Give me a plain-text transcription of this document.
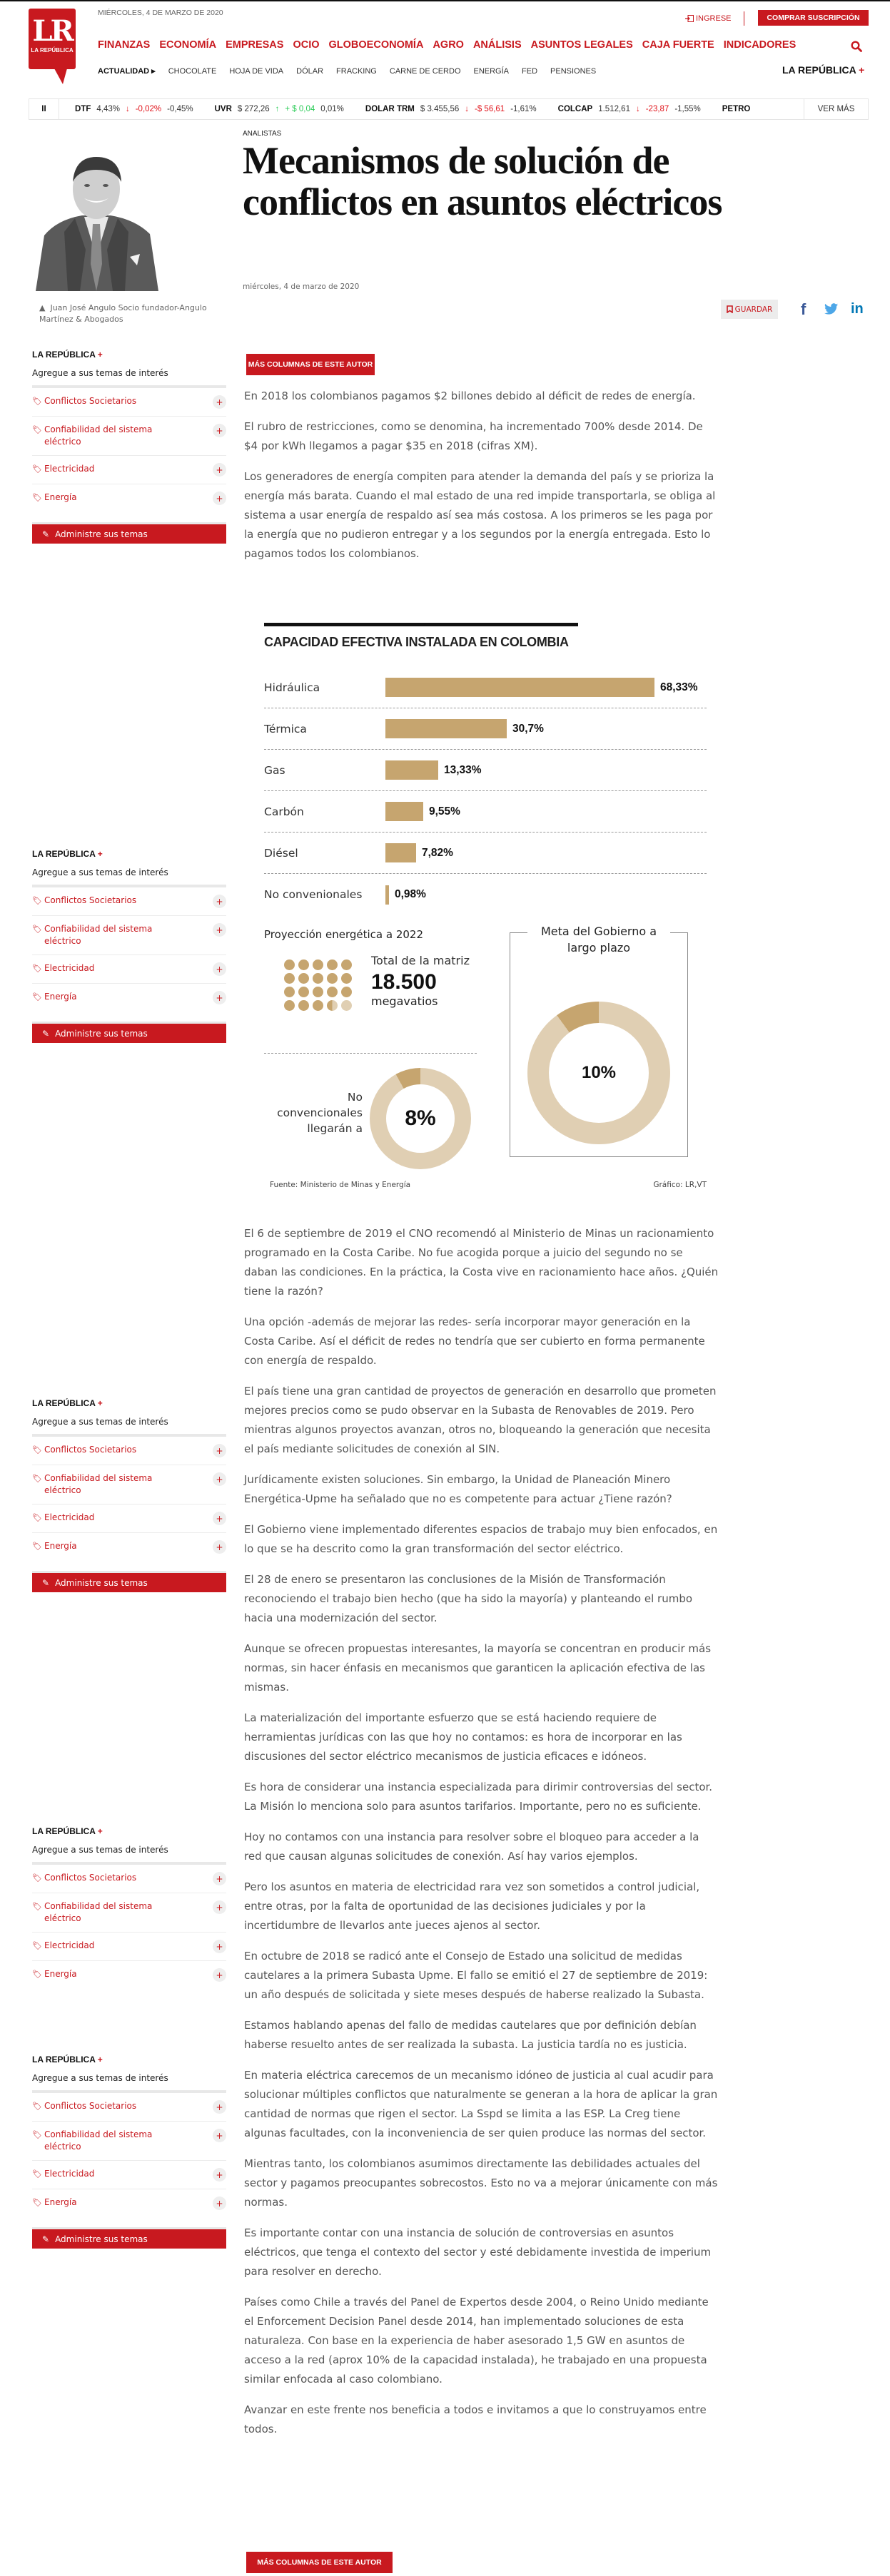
LR
LA REPÚBLICA
MIÉRCOLES, 4 DE MARZO DE 2020
INGRESE	COMPRAR SUSCRIPCIÓN
FINANZAS ECONOMÍA EMPRESAS OCIO GLOBOECONOMÍA AGRO ANÁLISIS ASUNTOS LEGALES CAJA FUERTE INDICADORES
ACTUALIDAD ▸ CHOCOLATE HOJA DE VIDA DÓLAR FRACKING CARNE DE CERDO ENERGÍA FED PENSIONES	LA REPÚBLICA +
II	DTF 4,43% ↓ -0,02% -0,45%	UVR $ 272,26 ↑ + $ 0,04 0,01%	DÓLAR TRM $ 3.455,56 ↓ -$ 56,61 -1,61%	COLCAP 1.512,61 ↓ -23,87 -1,55%	PETRÓ	VER MÁS
▲ Juan José Angulo Socio fundador-Angulo Martínez & Abogados
LA REPÚBLICA +
Agregue a sus temas de interés
🏷 Conflictos Societarios	+
🏷 Confiabilidad del sistema eléctrico
+
🏷 Electricidad	+
🏷 Energía	+
✎ Administre sus temas
LA REPÚBLICA +
Agregue a sus temas de interés
🏷 Conflictos Societarios	+
🏷 Confiabilidad del sistema eléctrico
+
🏷 Electricidad	+
🏷 Energía	+
✎ Administre sus temas
LA REPÚBLICA +
Agregue a sus temas de interés
🏷 Conflictos Societarios	+
🏷 Confiabilidad del sistema eléctrico
+
🏷 Electricidad	+
🏷 Energía	+
✎ Administre sus temas
LA REPÚBLICA +
Agregue a sus temas de interés
🏷 Conflictos Societarios	+
🏷 Confiabilidad del sistema eléctrico
+
🏷 Electricidad	+
🏷 Energía	+
LA REPÚBLICA +
Agregue a sus temas de interés
🏷 Conflictos Societarios	+
🏷 Confiabilidad del sistema eléctrico
+
🏷 Electricidad	+
🏷 Energía	+
✎ Administre sus temas
ANALISTAS
Mecanismos de solución de conflictos en asuntos eléctricos
miércoles, 4 de marzo de 2020
GUARDAR f	in
MÁS COLUMNAS DE ESTE AUTOR

En 2018 los colombianos pagamos $2 billones debido al déficit de redes de energía.

El rubro de restricciones, como se denomina, ha incrementado 700% desde 2014. De $4 por kWh llegamos a pagar $35 en 2018 (cifras XM).

Los generadores de energía compiten para atender la demanda del país y se prioriza la energía más barata. Cuando el mal estado de una red impide transportarla, se obliga al sistema a usar energía de respaldo así sea más costosa. A los primeros se les paga por la energía que no pudieron entregar y a los segundos por la energía entregada. Esto lo pagamos todos los colombianos.

CAPACIDAD EFECTIVA INSTALADA EN COLOMBIA
Hidráulica	68,33%
Térmica	30,7%
Gas	13,33%
Carbón	9,55%
Diésel	7,82%
No convenionales	0,98%
Proyección energética a 2022
Total de la matriz
18.500
megavatios
No convencionales llegarán a	8%
Meta del Gobierno a largo plazo
10%
Fuente: Ministerio de Minas y Energía	Gráfico: LR,VT

El 6 de septiembre de 2019 el CNO recomendó al Ministerio de Minas un racionamiento programado en la Costa Caribe. No fue acogida porque a juicio del segundo no se daban las condiciones. En la práctica, la Costa vive en racionamiento hace años. ¿Quién tiene la razón?

Una opción -además de mejorar las redes- sería incorporar mayor generación en la Costa Caribe. Así el déficit de redes no tendría que ser cubierto en forma permanente con energía de respaldo.

El país tiene una gran cantidad de proyectos de generación en desarrollo que prometen mejores precios como se pudo observar en la Subasta de Renovables de 2019. Pero mientras algunos proyectos avanzan, otros no, bloqueando la generación que necesita el país mediante solicitudes de conexión al SIN.

Jurídicamente existen soluciones. Sin embargo, la Unidad de Planeación Minero Energética-Upme ha señalado que no es competente para actuar ¿Tiene razón?

El Gobierno viene implementado diferentes espacios de trabajo muy bien enfocados, en lo que se ha descrito como la gran transformación del sector eléctrico.

El 28 de enero se presentaron las conclusiones de la Misión de Transformación reconociendo el trabajo bien hecho (que ha sido la mayoría) y planteando el rumbo hacia una modernización del sector.

Aunque se ofrecen propuestas interesantes, la mayoría se concentran en producir más normas, sin hacer énfasis en mecanismos que garanticen la aplicación efectiva de las mismas.

La materialización del importante esfuerzo que se está haciendo requiere de herramientas jurídicas con las que hoy no contamos: es hora de incorporar en las discusiones del sector eléctrico mecanismos de justicia eficaces e idóneos.

Es hora de considerar una instancia especializada para dirimir controversias del sector. La Misión lo menciona solo para asuntos tarifarios. Importante, pero no es suficiente.

Hoy no contamos con una instancia para resolver sobre el bloqueo para acceder a la red que causan algunas solicitudes de conexión. Así hay varios ejemplos.

Pero los asuntos en materia de electricidad rara vez son sometidos a control judicial, entre otras, por la falta de oportunidad de las decisiones judiciales y por la incertidumbre de llevarlos ante jueces ajenos al sector.

En octubre de 2018 se radicó ante el Consejo de Estado una solicitud de medidas cautelares a la primera Subasta Upme. El fallo se emitió el 27 de septiembre de 2019: un año después de solicitada y siete meses después de haberse realizado la Subasta.

Estamos hablando apenas del fallo de medidas cautelares que por definición debían haberse resuelto antes de ser realizada la subasta. La justicia tardía no es justicia.

En materia eléctrica carecemos de un mecanismo idóneo de justicia al cual acudir para solucionar múltiples conflictos que naturalmente se generan a la hora de aplicar la gran cantidad de normas que rigen el sector. La Sspd se limita a las ESP. La Creg tiene algunas facultades, con la inconveniencia de ser quien produce las normas del sector.

Mientras tanto, los colombianos asumimos directamente las debilidades actuales del sector y pagamos preocupantes sobrecostos. Esto no va a mejorar únicamente con más normas.

Es importante contar con una instancia de solución de controversias en asuntos eléctricos, que tenga el contexto del sector y esté debidamente investida de imperium para resolver en derecho.

Países como Chile a través del Panel de Expertos desde 2004, o Reino Unido mediante el Enforcement Decision Panel desde 2014, han implementado soluciones de esta naturaleza. Con base en la experiencia de haber asesorado 1,5 GW en asuntos de acceso a la red (aprox 10% de la capacidad instalada), he trabajado en una propuesta similar enfocada al caso colombiano.

Avanzar en este frente nos beneficia a todos e invitamos a que lo construyamos entre todos.

MÁS COLUMNAS DE ESTE AUTOR
